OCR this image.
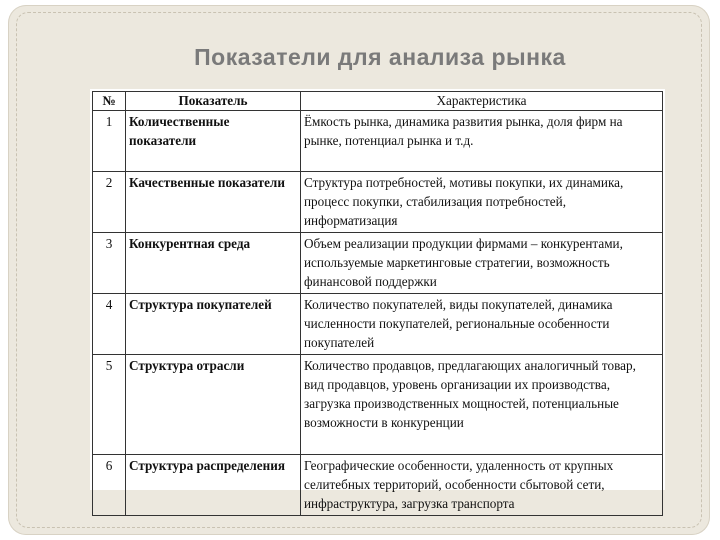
Показатели для анализа рынка
№	Показатель	Характеристика
1	Количественные показатели	Ёмкость рынка, динамика развития рынка, доля фирм на рынке, потенциал рынка и т.д.
2	Качественные показатели	Структура потребностей, мотивы покупки, их динамика, процесс покупки, стабилизация потребностей, информатизация
3	Конкурентная среда	Объем реализации продукции фирмами – конкурентами, используемые маркетинговые стратегии, возможность финансовой поддержки
4	Структура покупателей	Количество покупателей, виды покупателей, динамика численности покупателей, региональные особенности покупателей
5	Структура отрасли	Количество продавцов, предлагающих аналогичный товар, вид продавцов, уровень организации их производства, загрузка производственных мощностей, потенциальные возможности в конкуренции
6	Структура распределения	Географические особенности, удаленность от крупных селитебных территорий, особенности сбытовой сети, инфраструктура, загрузка транспорта
